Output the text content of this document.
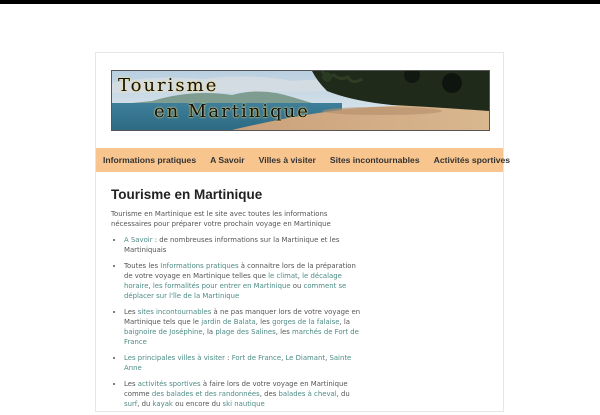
Tourisme
en Martinique
Informations pratiques A Savoir Villes à visiter Sites incontournables Activités sportives
Tourisme en Martinique

Tourisme en Martinique est le site avec toutes les informations nécessaires pour préparer votre prochain voyage en Martinique

• A Savoir : de nombreuses informations sur la Martinique et les Martiniquais
• Toutes les Informations pratiques à connaitre lors de la préparation de votre voyage en Martinique telles que le climat, le décalage horaire, les formalités pour entrer en Martinique ou comment se déplacer sur l'île de la Martinique
• Les sites incontournables à ne pas manquer lors de votre voyage en Martinique tels que le jardin de Balata, les gorges de la falaise, la baignoire de Joséphine, la plage des Salines, les marchés de Fort de France
• Les principales villes à visiter : Fort de France, Le Diamant, Sainte Anne
• Les activités sportives à faire lors de votre voyage en Martinique comme des balades et des randonnées, des balades à cheval, du surf, du kayak ou encore du ski nautique
